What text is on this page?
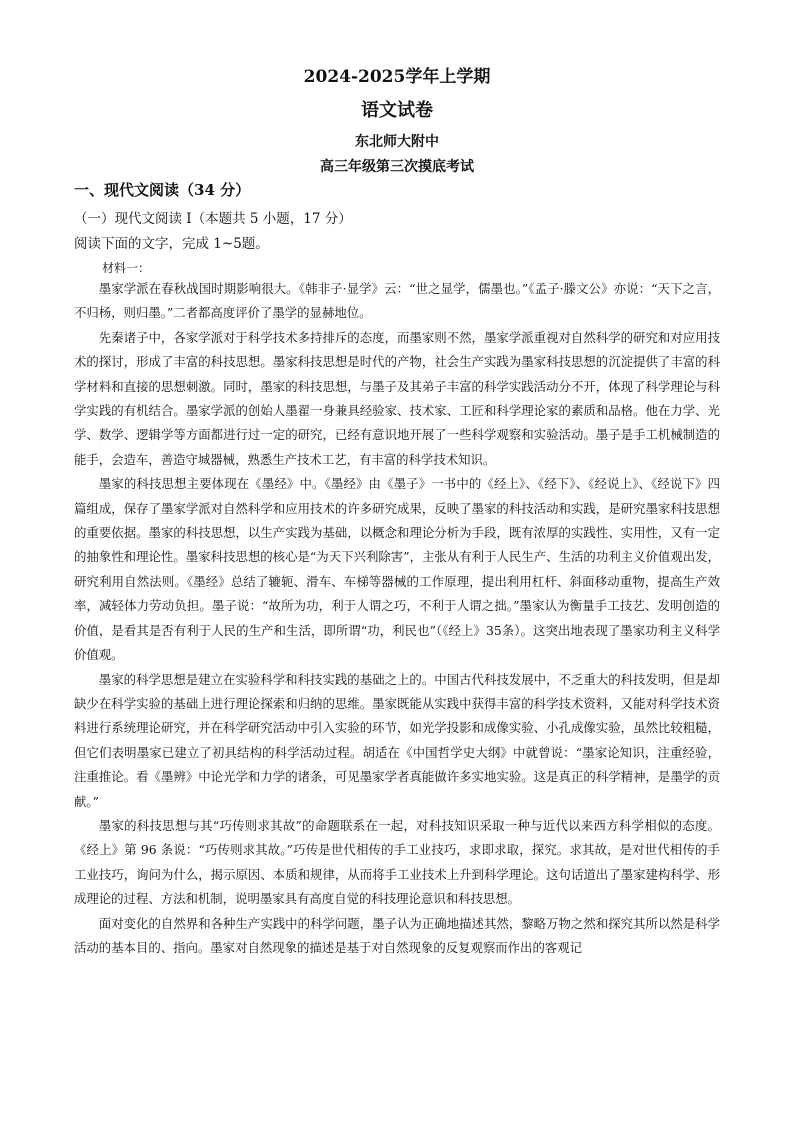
2024-2025学年上学期
语文试卷
东北师大附中
高三年级第三次摸底考试
一、现代文阅读（34 分）
（一）现代文阅读 I（本题共 5 小题，17 分）
阅读下面的文字，完成 1~5题。
材料一：

墨家学派在春秋战国时期影响很大。《韩非子·显学》云：“世之显学，儒墨也。”《孟子·滕文公》亦说：“天下之言，不归杨，则归墨。”二者都高度评价了墨学的显赫地位。

先秦诸子中，各家学派对于科学技术多持排斥的态度，而墨家则不然，墨家学派重视对自然科学的研究和对应用技术的探讨，形成了丰富的科技思想。墨家科技思想是时代的产物，社会生产实践为墨家科技思想的沉淀提供了丰富的科学材料和直接的思想刺激。同时，墨家的科技思想，与墨子及其弟子丰富的科学实践活动分不开，体现了科学理论与科学实践的有机结合。墨家学派的创始人墨翟一身兼具经验家、技术家、工匠和科学理论家的素质和品格。他在力学、光学、数学、逻辑学等方面都进行过一定的研究，已经有意识地开展了一些科学观察和实验活动。墨子是手工机械制造的能手，会造车，善造守城器械，熟悉生产技术工艺，有丰富的科学技术知识。

墨家的科技思想主要体现在《墨经》中。《墨经》由《墨子》一书中的《经上》、《经下》、《经说上》、《经说下》四篇组成，保存了墨家学派对自然科学和应用技术的许多研究成果，反映了墨家的科技活动和实践，是研究墨家科技思想的重要依据。墨家的科技思想，以生产实践为基础，以概念和理论分析为手段，既有浓厚的实践性、实用性，又有一定的抽象性和理论性。墨家科技思想的核心是“为天下兴利除害”，主张从有利于人民生产、生活的功利主义价值观出发，研究利用自然法则。《墨经》总结了辘轭、滑车、车梯等器械的工作原理，提出利用杠杆、斜面移动重物，提高生产效率，减轻体力劳动负担。墨子说：“故所为功，利于人谓之巧，不利于人谓之拙。”墨家认为衡量手工技艺、发明创造的价值，是看其是否有利于人民的生产和生活，即所谓“功，利民也”（《经上》35条）。这突出地表现了墨家功利主义科学价值观。

墨家的科学思想是建立在实验科学和科技实践的基础之上的。中国古代科技发展中，不乏重大的科技发明，但是却缺少在科学实验的基础上进行理论探索和归纳的思维。墨家既能从实践中获得丰富的科学技术资料，又能对科学技术资料进行系统理论研究，并在科学研究活动中引入实验的环节，如光学投影和成像实验、小孔成像实验，虽然比较粗糙，但它们表明墨家已建立了初具结构的科学活动过程。胡适在《中国哲学史大纲》中就曾说：“墨家论知识，注重经验，注重推论。看《墨辨》中论光学和力学的诸条，可见墨家学者真能做许多实地实验。这是真正的科学精神，是墨学的贡献。”

墨家的科技思想与其“巧传则求其故”的命题联系在一起，对科技知识采取一种与近代以来西方科学相似的态度。《经上》第 96 条说：“巧传则求其故。”巧传是世代相传的手工业技巧，求即求取，探究。求其故，是对世代相传的手工业技巧，询问为什么，揭示原因、本质和规律，从而将手工业技术上升到科学理论。这句话道出了墨家建构科学、形成理论的过程、方法和机制，说明墨家具有高度自觉的科技理论意识和科技思想。

面对变化的自然界和各种生产实践中的科学问题，墨子认为正确地描述其然，黎略万物之然和探究其所以然是科学活动的基本目的、指向。墨家对自然现象的描述是基于对自然现象的反复观察而作出的客观记
